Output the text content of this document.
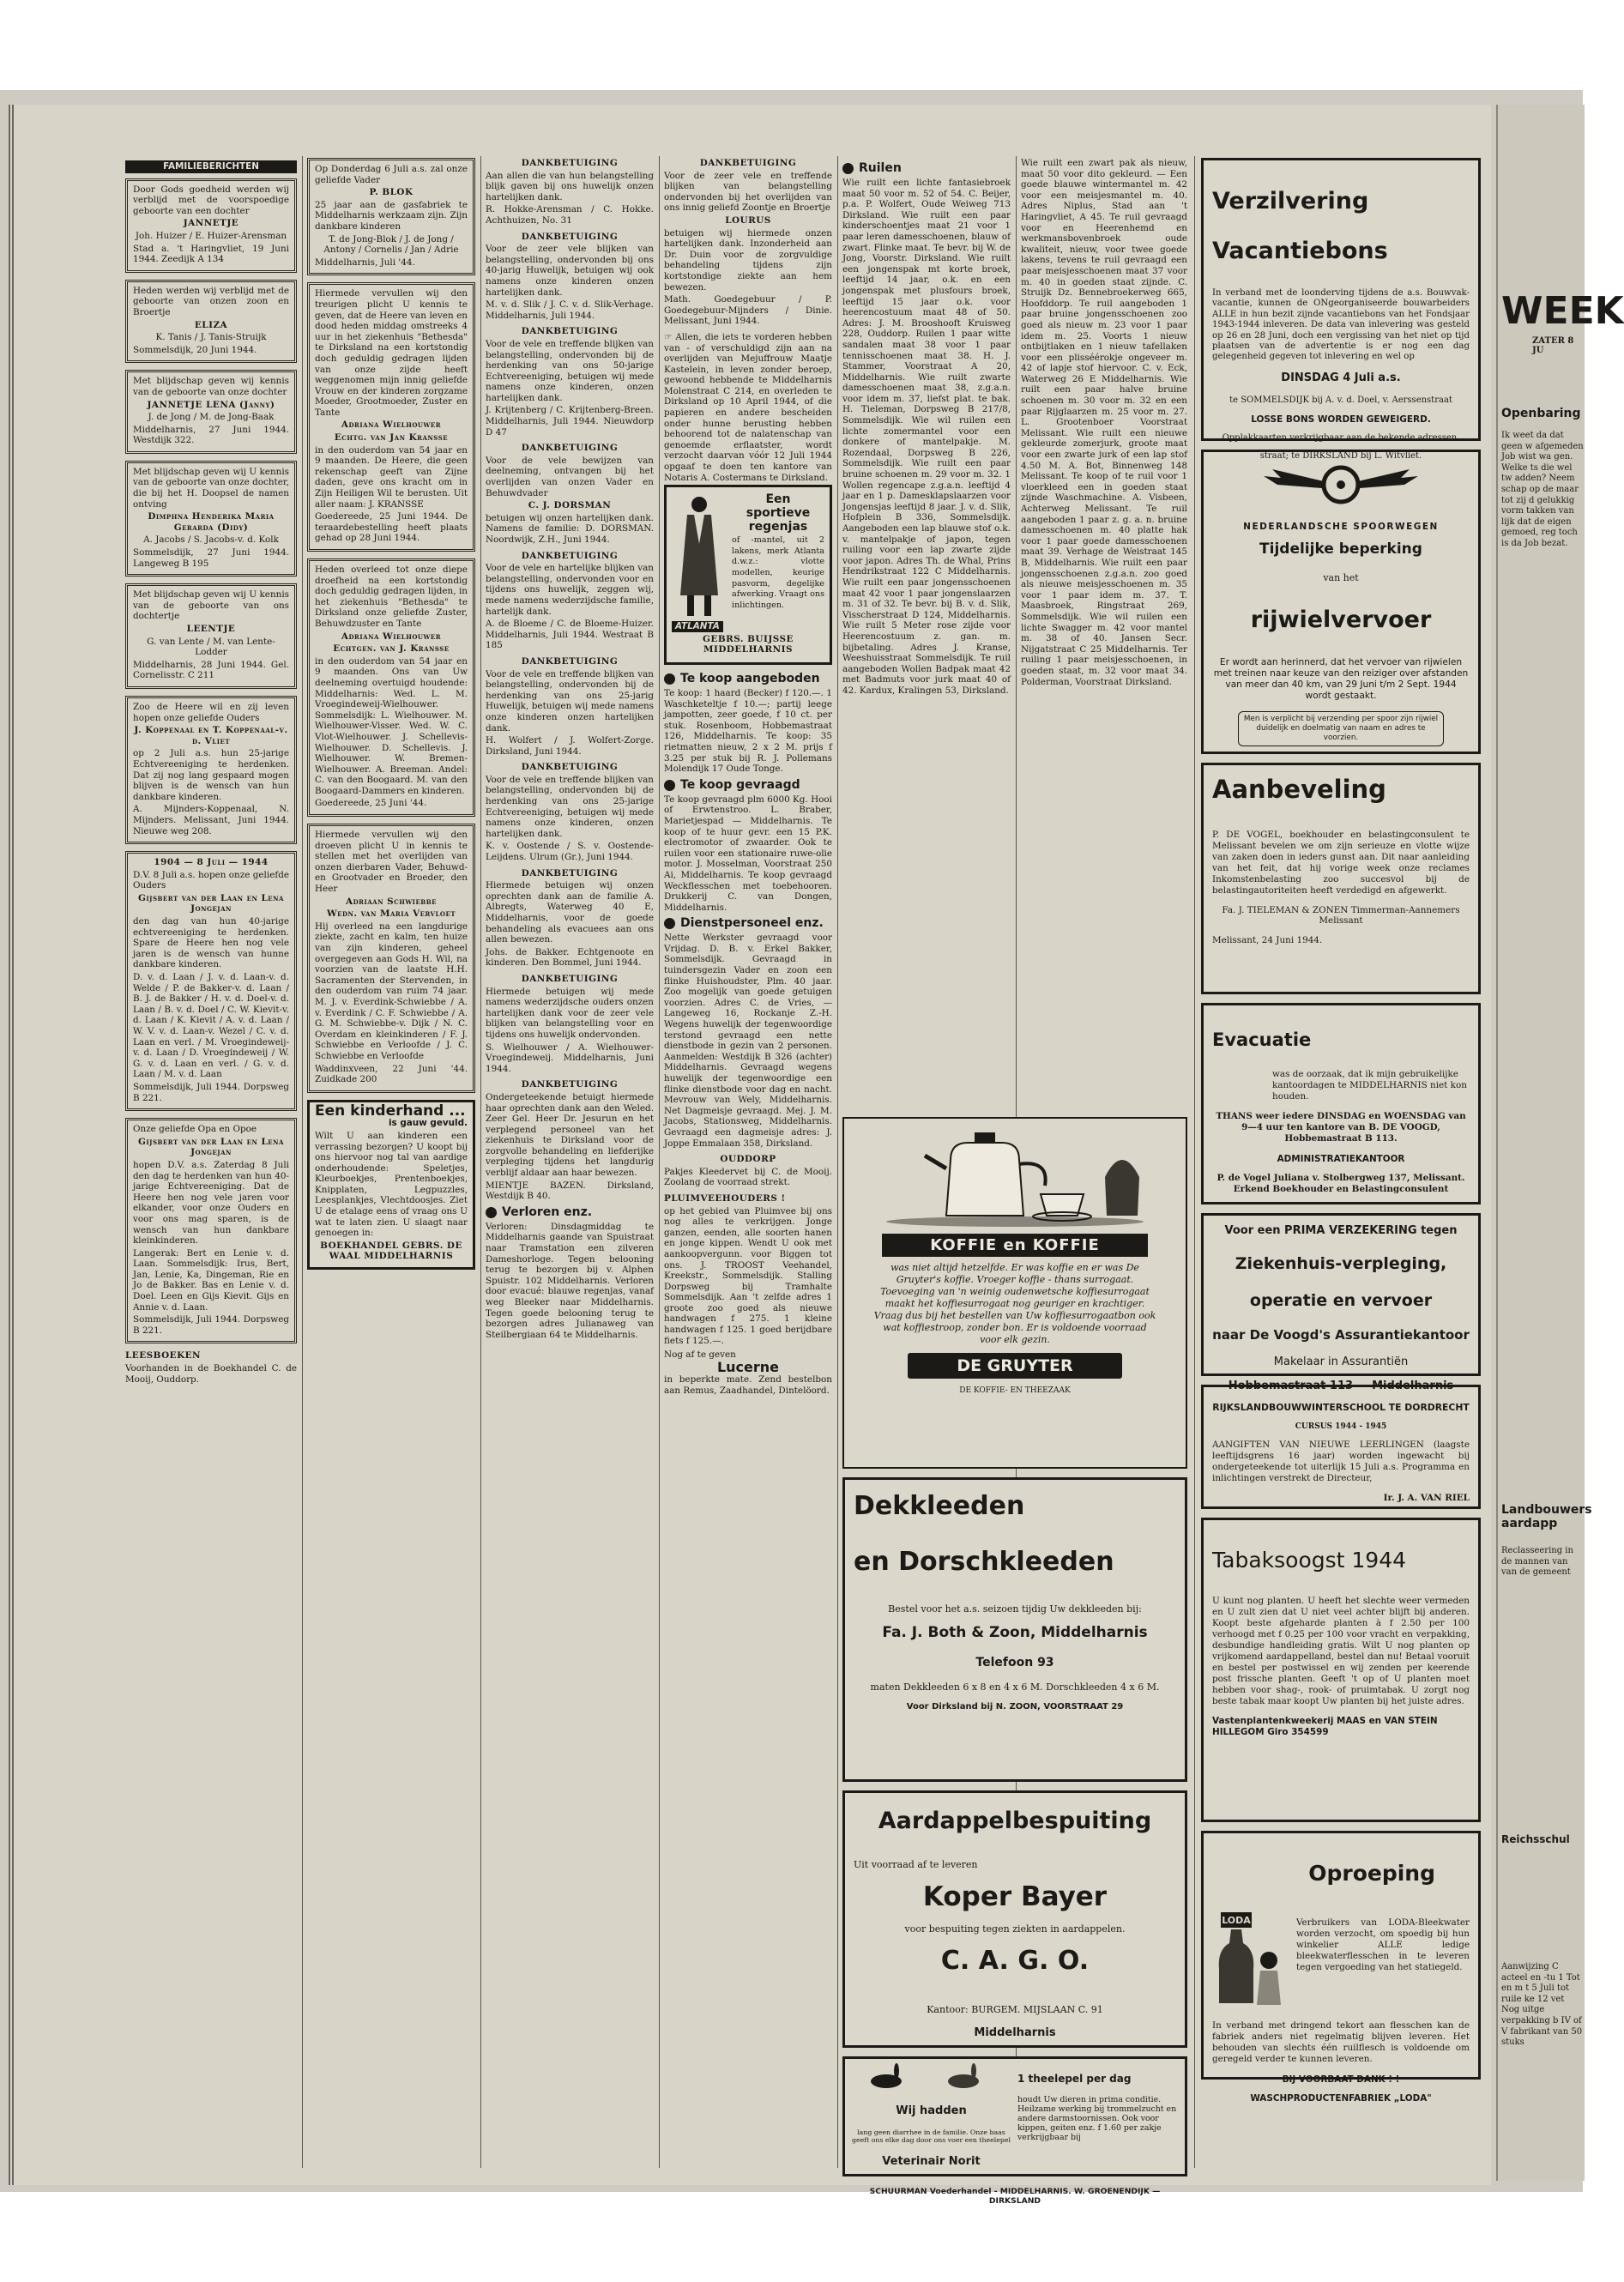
FAMILIEBERICHTEN

Door Gods goedheid werden wij verblijd met de voorspoedige geboorte van een dochter

JANNETJE

Joh. Huizer / E. Huizer-Arensman

Stad a. 't Haringvliet, 19 Juni 1944. Zeedijk A 134

Heden werden wij verblijd met de geboorte van onzen zoon en Broertje

ELIZA

K. Tanis / J. Tanis-Struijk

Sommelsdijk, 20 Juni 1944.

Met blijdschap geven wij kennis van de geboorte van onze dochter

JANNETJE LENA (Janny)

J. de Jong / M. de Jong-Baak

Middelharnis, 27 Juni 1944. Westdijk 322.

Met blijdschap geven wij U kennis van de geboorte van onze dochter, die bij het H. Doopsel de namen ontving

Dimphna Henderika Maria Gerarda (Didy)

A. Jacobs / S. Jacobs-v. d. Kolk

Sommelsdijk, 27 Juni 1944. Langeweg B 195

Met blijdschap geven wij U kennis van de geboorte van ons dochtertje

LEENTJE

G. van Lente / M. van Lente-Lodder

Middelharnis, 28 Juni 1944. Gel. Cornelisstr. C 211

Zoo de Heere wil en zij leven hopen onze geliefde Ouders

J. Koppenaal en T. Koppenaal-v. d. Vliet

op 2 Juli a.s. hun 25-jarige Echtvereeniging te herdenken. Dat zij nog lang gespaard mogen blijven is de wensch van hun dankbare kinderen.

A. Mijnders-Koppenaal, N. Mijnders. Melissant, Juni 1944. Nieuwe weg 208.

1904 — 8 Juli — 1944

D.V. 8 Juli a.s. hopen onze geliefde Ouders

Gijsbert van der Laan en Lena Jongejan

den dag van hun 40-jarige echtvereeniging te herdenken. Spare de Heere hen nog vele jaren is de wensch van hunne dankbare kinderen.

D. v. d. Laan / J. v. d. Laan-v. d. Welde / P. de Bakker-v. d. Laan / B. J. de Bakker / H. v. d. Doel-v. d. Laan / B. v. d. Doel / C. W. Kievit-v. d. Laan / K. Kievit / A. v. d. Laan / W. V. v. d. Laan-v. Wezel / C. v. d. Laan en verl. / M. Vroegindeweij-v. d. Laan / D. Vroegindeweij / W. G. v. d. Laan en verl. / G. v. d. Laan / M. v. d. Laan

Sommelsdijk, Juli 1944. Dorpsweg B 221.

Onze geliefde Opa en Opoe

Gijsbert van der Laan en Lena Jongejan

hopen D.V. a.s. Zaterdag 8 Juli den dag te herdenken van hun 40-jarige Echtvereeniging. Dat de Heere hen nog vele jaren voor elkander, voor onze Ouders en voor ons mag sparen, is de wensch van hun dankbare kleinkinderen.

Langerak: Bert en Lenie v. d. Laan. Sommelsdijk: Irus, Bert, Jan, Lenie, Ka, Dingeman, Rie en Jo de Bakker. Bas en Lenie v. d. Doel. Leen en Gijs Kievit. Gijs en Annie v. d. Laan.

Sommelsdijk, Juli 1944. Dorpsweg B 221.

LEESBOEKEN

Voorhanden in de Boekhandel C. de Mooij, Ouddorp.

Op Donderdag 6 Juli a.s. zal onze geliefde Vader

P. BLOK

25 jaar aan de gasfabriek te Middelharnis werkzaam zijn. Zijn dankbare kinderen

T. de Jong-Blok / J. de Jong / Antony / Cornelis / Jan / Adrie

Middelharnis, Juli '44.

Hiermede vervullen wij den treurigen plicht U kennis te geven, dat de Heere van leven en dood heden middag omstreeks 4 uur in het ziekenhuis "Bethesda" te Dirksland na een kortstondig doch geduldig gedragen lijden van onze zijde heeft weggenomen mijn innig geliefde Vrouw en der kinderen zorgzame Moeder, Grootmoeder, Zuster en Tante

Adriana Wielhouwer

Echtg. van Jan Kransse

in den ouderdom van 54 jaar en 9 maanden. De Heere, die geen rekenschap geeft van Zijne daden, geve ons kracht om in Zijn Heiligen Wil te berusten. Uit aller naam: J. KRANSSE

Goedereede, 25 Juni 1944. De teraardebestelling heeft plaats gehad op 28 Juni 1944.

Heden overleed tot onze diepe droefheid na een kortstondig doch geduldig gedragen lijden, in het ziekenhuis "Bethesda" te Dirksland onze geliefde Zuster, Behuwdzuster en Tante

Adriana Wielhouwer

Echtgen. van J. Kransse

in den ouderdom van 54 jaar en 9 maanden. Ons van Uw deelneming overtuigd houdende: Middelharnis: Wed. L. M. Vroegindeweij-Wielhouwer. Sommelsdijk: L. Wielhouwer. M. Wielhouwer-Visser. Wed. W. C. Vlot-Wielhouwer. J. Schellevis-Wielhouwer. D. Schellevis. J. Wielhouwer. W. Bremen-Wielhouwer. A. Breeman. Andel: C. van den Boogaard. M. van den Boogaard-Dammers en kinderen.

Goedereede, 25 Juni '44.

Hiermede vervullen wij den droeven plicht U in kennis te stellen met het overlijden van onzen dierbaren Vader, Behuwd- en Grootvader en Broeder, den Heer

Adriaan Schwiebbe

Wedn. van Maria Vervloet

Hij overleed na een langdurige ziekte, zacht en kalm, ten huize van zijn kinderen, geheel overgegeven aan Gods H. Wil, na voorzien van de laatste H.H. Sacramenten der Stervenden, in den ouderdom van ruim 74 jaar. M. J. v. Everdink-Schwiebbe / A. v. Everdink / C. F. Schwiebbe / A. G. M. Schwiebbe-v. Dijk / N. C. Overdam en kleinkinderen / F. J. Schwiebbe en Verloofde / J. C. Schwiebbe en Verloofde

Waddinxveen, 22 Juni '44. Zuidkade 200

Een kinderhand ...

is gauw gevuld.

Wilt U aan kinderen een verrassing bezorgen? U koopt bij ons hiervoor nog tal van aardige onderhoudende: Speletjes, Kleurboekjes, Prentenboekjes, Knipplaten, Legpuzzles, Leesplankjes, Vlechtdoosjes. Ziet U de etalage eens of vraag ons U wat te laten zien. U slaagt naar genoegen in:

BOEKHANDEL GEBRS. DE WAAL MIDDELHARNIS

DANKBETUIGING

Aan allen die van hun belangstelling blijk gaven bij ons huwelijk onzen hartelijken dank.

R. Hokke-Arensman / C. Hokke. Achthuizen, No. 31

DANKBETUIGING

Voor de zeer vele blijken van belangstelling, ondervonden bij ons 40-jarig Huwelijk, betuigen wij ook namens onze kinderen onzen hartelijken dank.

M. v. d. Slik / J. C. v. d. Slik-Verhage. Middelharnis, Juli 1944.

DANKBETUIGING

Voor de vele en treffende blijken van belangstelling, ondervonden bij de herdenking van ons 50-jarige Echtvereeniging, betuigen wij mede namens onze kinderen, onzen hartelijken dank.

J. Krijtenberg / C. Krijtenberg-Breen. Middelharnis, Juli 1944. Nieuwdorp D 47

DANKBETUIGING

Voor de vele bewijzen van deelneming, ontvangen bij het overlijden van onzen Vader en Behuwdvader

C. J. DORSMAN

betuigen wij onzen hartelijken dank. Namens de familie: D. DORSMAN. Noordwijk, Z.H., Juni 1944.

DANKBETUIGING

Voor de vele en hartelijke blijken van belangstelling, ondervonden voor en tijdens ons huwelijk, zeggen wij, mede namens wederzijdsche familie, hartelijk dank.

A. de Bloeme / C. de Bloeme-Huizer. Middelharnis, Juli 1944. Westraat B 185

DANKBETUIGING

Voor de vele en treffende blijken van belangstelling, ondervonden bij de herdenking van ons 25-jarig Huwelijk, betuigen wij mede namens onze kinderen onzen hartelijken dank.

H. Wolfert / J. Wolfert-Zorge. Dirksland, Juni 1944.

DANKBETUIGING

Voor de vele en treffende blijken van belangstelling, ondervonden bij de herdenking van ons 25-jarige Echtvereeniging, betuigen wij mede namens onze kinderen, onzen hartelijken dank.

K. v. Oostende / S. v. Oostende-Leijdens. Ulrum (Gr.), Juni 1944.

DANKBETUIGING

Hiermede betuigen wij onzen oprechten dank aan de familie A. Albregts, Waterweg 40 E, Middelharnis, voor de goede behandeling als evacuees aan ons allen bewezen.

Johs. de Bakker. Echtgenoote en kinderen. Den Bommel, Juni 1944.

DANKBETUIGING

Hiermede betuigen wij mede namens wederzijdsche ouders onzen hartelijken dank voor de zeer vele blijken van belangstelling voor en tijdens ons huwelijk ondervonden.

S. Wielhouwer / A. Wielhouwer-Vroegindeweij. Middelharnis, Juni 1944.

DANKBETUIGING

Ondergeteekende betuigt hiermede haar oprechten dank aan den Weled. Zeer Gel. Heer Dr. Jesurun en het verplegend personeel van het ziekenhuis te Dirksland voor de zorgvolle behandeling en liefderijke verpleging tijdens het langdurig verblijf aldaar aan haar bewezen.

MIENTJE BAZEN. Dirksland, Westdijk B 40.

Verloren enz.

Verloren: Dinsdagmiddag te Middelharnis gaande van Spuistraat naar Tramstation een zilveren Dameshorloge. Tegen belooning terug te bezorgen bij v. Alphen Spuistr. 102 Middelharnis. Verloren door evacué: blauwe regenjas, vanaf weg Bleeker naar Middelharnis. Tegen goede belooning terug te bezorgen adres Julianaweg van Steilbergiaan 64 te Middelharnis.

DANKBETUIGING

Voor de zeer vele en treffende blijken van belangstelling ondervonden bij het overlijden van ons innig geliefd Zoontje en Broertje

LOURUS

betuigen wij hiermede onzen hartelijken dank. Inzonderheid aan Dr. Duin voor de zorgvuldige behandeling tijdens zijn kortstondige ziekte aan hem bewezen.

Math. Goedegebuur / P. Goedegebuur-Mijnders / Dinie. Melissant, Juni 1944.

☞ Allen, die iets te vorderen hebben van - of verschuldigd zijn aan na overlijden van Mejuffrouw Maatje Kastelein, in leven zonder beroep, gewoond hebbende te Middelharnis Molenstraat C 214, en overleden te Dirksland op 10 April 1944, of die papieren en andere bescheiden onder hunne berusting hebben behoorend tot de nalatenschap van genoemde erflaatster, wordt verzocht daarvan vóór 12 Juli 1944 opgaaf te doen ten kantore van Notaris A. Costermans te Dirksland.

Een sportieve regenjas

of -mantel, uit 2 lakens, merk Atlanta d.w.z.: vlotte modellen, keurige pasvorm, degelijke afwerking. Vraagt ons inlichtingen.

ATLANTA

GEBRS. BUIJSSE MIDDELHARNIS

Te koop aangeboden

Te koop: 1 haard (Becker) f 120.—. 1 Waschketeltje f 10.—; partij leege jampotten, zeer goede, f 10 ct. per stuk. Rosenboom, Hobbemastraat 126, Middelharnis. Te koop: 35 rietmatten nieuw, 2 x 2 M. prijs f 3.25 per stuk bij R. J. Pollemans Molendijk 17 Oude Tonge.

Te koop gevraagd

Te koop gevraagd plm 6000 Kg. Hooi of Erwtenstroo. L. Braber, Marietjespad — Middelharnis. Te koop of te huur gevr. een 15 P.K. electromotor of zwaarder. Ook te ruilen voor een stationaire ruwe-olie motor. J. Mosselman, Voorstraat 250 Ai, Middelharnis. Te koop gevraagd Weckflesschen met toebehooren. Drukkerij C. van Dongen, Middelharnis.

Dienstpersoneel enz.

Nette Werkster gevraagd voor Vrijdag. D. B. v. Erkel Bakker, Sommelsdijk. Gevraagd in tuindersgezin Vader en zoon een flinke Huishoudster, Plm. 40 jaar. Zoo mogelijk van goede getuigen voorzien. Adres C. de Vries, — Langeweg 16, Rockanje Z.-H. Wegens huwelijk der tegenwoordige terstond gevraagd een nette dienstbode in gezin van 2 personen. Aanmelden: Westdijk B 326 (achter) Middelharnis. Gevraagd wegens huwelijk der tegenwoordige een flinke dienstbode voor dag en nacht. Mevrouw van Wely, Middelharnis. Net Dagmeisje gevraagd. Mej. J. M. Jacobs, Stationsweg, Middelharnis. Gevraagd een dagmeisje adres: J. Joppe Emmalaan 358, Dirksland.

OUDDORP

Pakjes Kleedervet bij C. de Mooij. Zoolang de voorraad strekt.

PLUIMVEEHOUDERS !

op het gebied van Pluimvee bij ons nog alles te verkrijgen. Jonge ganzen, eenden, alle soorten hanen en jonge kippen. Wendt U ook met aankoopvergunn. voor Biggen tot ons. J. TROOST Veehandel, Kreekstr., Sommelsdijk. Stalling Dorpsweg bij Tramhalte Sommelsdijk. Aan 't zelfde adres 1 groote zoo goed als nieuwe handwagen f 275. 1 kleine handwagen f 125. 1 goed berijdbare fiets f 125.—.

Nog af te geven

Lucerne

in beperkte mate. Zend bestelbon aan Remus, Zaadhandel, Dintelöord.

Ruilen

Wie ruilt een lichte fantasiebroek maat 50 voor m. 52 of 54. C. Beijer, p.a. P. Wolfert, Oude Weiweg 713 Dirksland. Wie ruilt een paar kinderschoentjes maat 21 voor 1 paar leren damesschoenen, blauw of zwart. Flinke maat. Te bevr. bij W. de Jong, Voorstr. Dirksland. Wie ruilt een jongenspak mt korte broek, leeftijd 14 jaar, o.k. en een jongenspak met plusfours broek, leeftijd 15 jaar o.k. voor heerencostuum maat 48 of 50. Adres: J. M. Brooshooft Kruisweg 228, Ouddorp. Ruilen 1 paar witte sandalen maat 38 voor 1 paar tennisschoenen maat 38. H. J. Stammer, Voorstraat A 20, Middelharnis. Wie ruilt zwarte damesschoenen maat 38, z.g.a.n. voor idem m. 37, liefst plat. te bak. H. Tieleman, Dorpsweg B 217/8, Sommelsdijk. Wie wil ruilen een lichte zomermantel voor een donkere of mantelpakje. M. Rozendaal, Dorpsweg B 226, Sommelsdijk. Wie ruilt een paar bruine schoenen m. 29 voor m. 32. 1 Wollen regencape z.g.a.n. leeftijd 4 jaar en 1 p. Damesklapslaarzen voor Jongensjas leeftijd 8 jaar. J. v. d. Slik, Hofplein B 336, Sommelsdijk. Aangeboden een lap blauwe stof o.k. v. mantelpakje of japon, tegen ruiling voor een lap zwarte zijde voor japon. Adres Th. de Whal, Prins Hendrikstraat 122 C Middelharnis. Wie ruilt een paar jongensschoenen maat 42 voor 1 paar jongenslaarzen m. 31 of 32. Te bevr. bij B. v. d. Slik, Visscherstraat D 124, Middelharnis. Wie ruilt 5 Meter rose zijde voor Heerencostuum z. gan. m. bijbetaling. Adres J. Kranse, Weeshuisstraat Sommelsdijk. Te ruil aangeboden Wollen Badpak maat 42 met Badmuts voor jurk maat 40 of 42. Kardux, Kralingen 53, Dirksland.

Wie ruilt een zwart pak als nieuw, maat 50 voor dito gekleurd. — Een goede blauwe wintermantel m. 42 voor een meisjesmantel m. 40. Adres Niplus, Stad aan 't Haringvliet, A 45. Te ruil gevraagd voor en Heerenhemd en werkmansbovenbroek oude kwaliteit, nieuw, voor twee goede lakens, tevens te ruil gevraagd een paar meisjesschoenen maat 37 voor m. 40 in goeden staat zijnde. C. Struijk Dz. Bennebroekerweg 665, Hoofddorp. Te ruil aangeboden 1 paar bruine jongensschoenen zoo goed als nieuw m. 23 voor 1 paar idem m. 25. Voorts 1 nieuw ontbijtlaken en 1 nieuw tafellaken voor een plisséérokje ongeveer m. 42 of lapje stof hiervoor. C. v. Eck, Waterweg 26 E Middelharnis. Wie ruilt een paar halve bruine schoenen m. 30 voor m. 32 en een paar Rijglaarzen m. 25 voor m. 27. L. Grootenboer Voorstraat Melissant. Wie ruilt een nieuwe gekleurde zomerjurk, groote maat voor een zwarte jurk of een lap stof 4.50 M. A. Bot, Binnenweg 148 Melissant. Te koop of te ruil voor 1 vloerkleed een in goeden staat zijnde Waschmachine. A. Visbeen, Achterweg Melissant. Te ruil aangeboden 1 paar z. g. a. n. bruine damesschoenen m. 40 platte hak voor 1 paar goede damesschoenen maat 39. Verhage de Weistraat 145 B, Middelharnis. Wie ruilt een paar jongensschoenen z.g.a.n. zoo goed als nieuwe meisjesschoenen m. 35 voor 1 paar idem m. 37. T. Maasbroek, Ringstraat 269, Sommelsdijk. Wie wil ruilen een lichte Swagger m. 42 voor mantel m. 38 of 40. Jansen Secr. Nijgatstraat C 25 Middelharnis. Ter ruiling 1 paar meisjesschoenen, in goeden staat, m. 32 voor maat 34. Polderman, Voorstraat Dirksland.

KOFFIE en KOFFIE

was niet altijd hetzelfde. Er was koffie en er was De Gruyter's koffie. Vroeger koffie - thans surrogaat. Toevoeging van 'n weinig oudenwetsche koffiesurrogaat maakt het koffiesurrogaat nog geuriger en krachtiger. Vraag dus bij het bestellen van Uw koffiesurrogaatbon ook wat koffiestroop, zonder bon. Er is voldoende voorraad voor elk gezin.

DE GRUYTER

DE KOFFIE- EN THEEZAAK

Dekkleeden

en Dorschkleeden

Bestel voor het a.s. seizoen tijdig Uw dekkleeden bij:

Fa. J. Both & Zoon, Middelharnis

Telefoon 93

maten Dekkleeden 6 x 8 en 4 x 6 M. Dorschkleeden 4 x 6 M.

Voor Dirksland bij N. ZOON, VOORSTRAAT 29

Aardappelbespuiting

Uit voorraad af te leveren

Koper Bayer

voor bespuiting tegen ziekten in aardappelen.

C. A. G. O.

Kantoor: BURGEM. MIJSLAAN C. 91

Middelharnis

Wij hadden

lang geen diarrhee in de familie. Onze baas geeft ons elke dag door ons voer een theelepel

Veterinair Norit

1 theelepel per dag

houdt Uw dieren in prima conditie. Heilzame werking bij trommelzucht en andere darmstoornissen. Ook voor kippen, geiten enz. f 1.60 per zakje verkrijgbaar bij

SCHUURMAN Voederhandel - MIDDELHARNIS. W. GROENENDIJK — DIRKSLAND

Verzilvering

Vacantiebons

In verband met de loonderving tijdens de a.s. Bouwvak-vacantie, kunnen de ONgeorganiseerde bouwarbeiders ALLE in hun bezit zijnde vacantiebons van het Fondsjaar 1943-1944 inleveren. De data van inlevering was gesteld op 26 en 28 Juni, doch een vergissing van het niet op tijd plaatsen van de advertentie is er nog een dag gelegenheid gegeven tot inlevering en wel op

DINSDAG 4 Juli a.s.

te SOMMELSDIJK bij A. v. d. Doel, v. Aerssenstraat

LOSSE BONS WORDEN GEWEIGERD.

Opplakkaarten verkrijgbaar aan de bekende adressen.

straat; te DIRKSLAND bij L. Witvliet.

NEDERLANDSCHE SPOORWEGEN

Tijdelijke beperking

van het

rijwielvervoer

Er wordt aan herinnerd, dat het vervoer van rijwielen met treinen naar keuze van den reiziger over afstanden van meer dan 40 km, van 29 Juni t/m 2 Sept. 1944 wordt gestaakt.

Men is verplicht bij verzending per spoor zijn rijwiel duidelijk en doelmatig van naam en adres te voorzien.

Aanbeveling

P. DE VOGEL, boekhouder en belastingconsulent te Melissant bevelen we om zijn serieuze en vlotte wijze van zaken doen in ieders gunst aan. Dit naar aanleiding van het feit, dat hij vorige week onze reclames Inkomstenbelasting zoo succesvol bij de belastingautoriteiten heeft verdedigd en afgewerkt.

Fa. J. TIELEMAN & ZONEN Timmerman-Aannemers Melissant

Melissant, 24 Juni 1944.

Evacuatie

was de oorzaak, dat ik mijn gebruikelijke kantoordagen te MIDDELHARNIS niet kon houden.

THANS weer iedere DINSDAG en WOENSDAG van 9—4 uur ten kantore van B. DE VOOGD, Hobbemastraat B 113.

ADMINISTRATIEKANTOOR

P. de Vogel Juliana v. Stolbergweg 137, Melissant. Erkend Boekhouder en Belastingconsulent

Voor een PRIMA VERZEKERING tegen

Ziekenhuis-verpleging,

operatie en vervoer

naar De Voogd's Assurantiekantoor

Makelaar in Assurantiën

Hobbemastraat 113 — Middelharnis

RIJKSLANDBOUWWINTERSCHOOL TE DORDRECHT

CURSUS 1944 - 1945

AANGIFTEN VAN NIEUWE LEERLINGEN (laagste leeftijdsgrens 16 jaar) worden ingewacht bij ondergeteekende tot uiterlijk 15 Juli a.s. Programma en inlichtingen verstrekt de Directeur,

Ir. J. A. VAN RIEL

Tabaksoogst 1944

U kunt nog planten. U heeft het slechte weer vermeden en U zult zien dat U niet veel achter blijft bij anderen. Koopt beste afgeharde planten à f 2.50 per 100 verhoogd met f 0.25 per 100 voor vracht en verpakking, desbundige handleiding gratis. Wilt U nog planten op vrijkomend aardappelland, bestel dan nu! Betaal vooruit en bestel per postwissel en wij zenden per keerende post frissche planten. Geeft 't op of U planten moet hebben voor shag-, rook- of pruimtabak. U zorgt nog beste tabak maar koopt Uw planten bij het juiste adres.

Vastenplantenkweekerij MAAS en VAN STEIN HILLEGOM Giro 354599

Oproeping

LODA	Verbruikers van LODA-Bleekwater worden verzocht, om spoedig bij hun winkelier ALLE ledige bleekwaterflesschen in te leveren tegen vergoeding van het statiegeld.

In verband met dringend tekort aan flesschen kan de fabriek anders niet regelmatig blijven leveren. Het behouden van slechts één ruilflesch is voldoende om geregeld verder te kunnen leveren.

BIJ VOORBAAT DANK ! !

WASCHPRODUCTENFABRIEK „LODA"

WEEK
ZATER 8 JU
Openbaring
Ik weet da dat geen w afgemeden Job wist wa gen. Welke ts die wel tw adden? Neem schap op de maar tot zij d gelukkig vorm takken van lijk dat de eigen gemoed, reg toch is da Job bezat.
Landbouwers aardapp
Reclasseering in de mannen van van de gemeent
Reichsschul
Aanwijzing C acteel en -tu 1 Tot en m t 5 Juli tot ruile ke 12 vet Nog uitge verpakking b IV of V fabrikant van 50 stuks
